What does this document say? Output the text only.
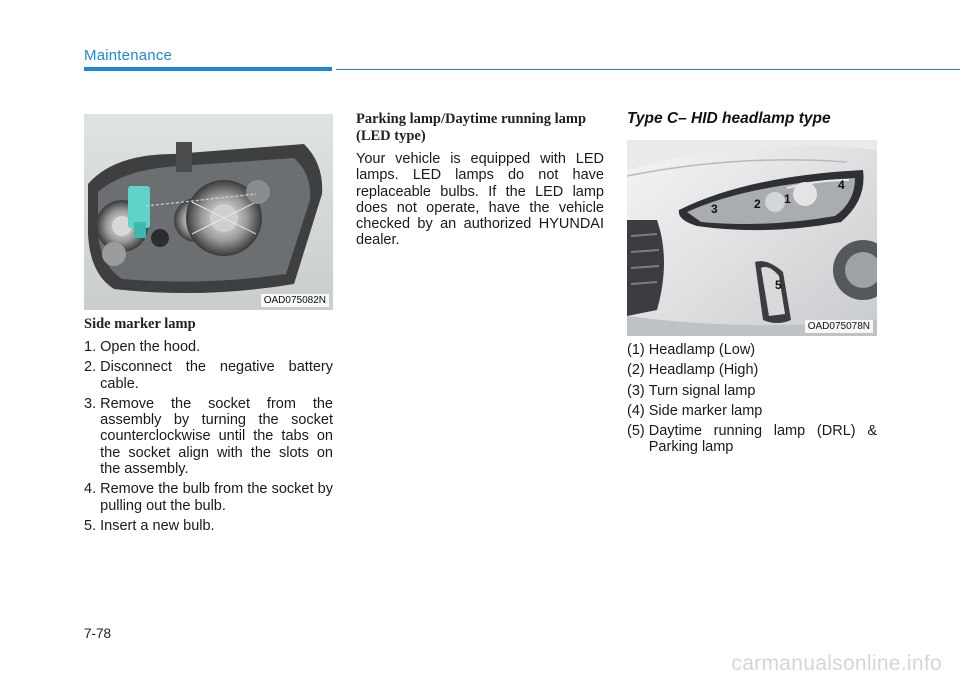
Maintenance
OAD075082N
Side marker lamp
1. Open the hood.
2. Disconnect the negative battery cable.
3. Remove the socket from the assembly by turning the socket counterclockwise until the tabs on the socket align with the slots on the assembly.
4. Remove the bulb from the socket by pulling out the bulb.
5. Insert a new bulb.
Parking lamp/Daytime running lamp (LED type)

Your vehicle is equipped with LED lamps. LED lamps do not have replaceable bulbs. If the LED lamp does not operate, have the vehicle checked by an authorized HYUNDAI dealer.

Type C– HID headlamp type
3	2 1
4
5
OAD075078N
(1) Headlamp (Low)
(2) Headlamp (High)
(3) Turn signal lamp
(4) Side marker lamp
(5) Daytime running lamp (DRL) & Parking lamp
7-78
carmanualsonline.info
